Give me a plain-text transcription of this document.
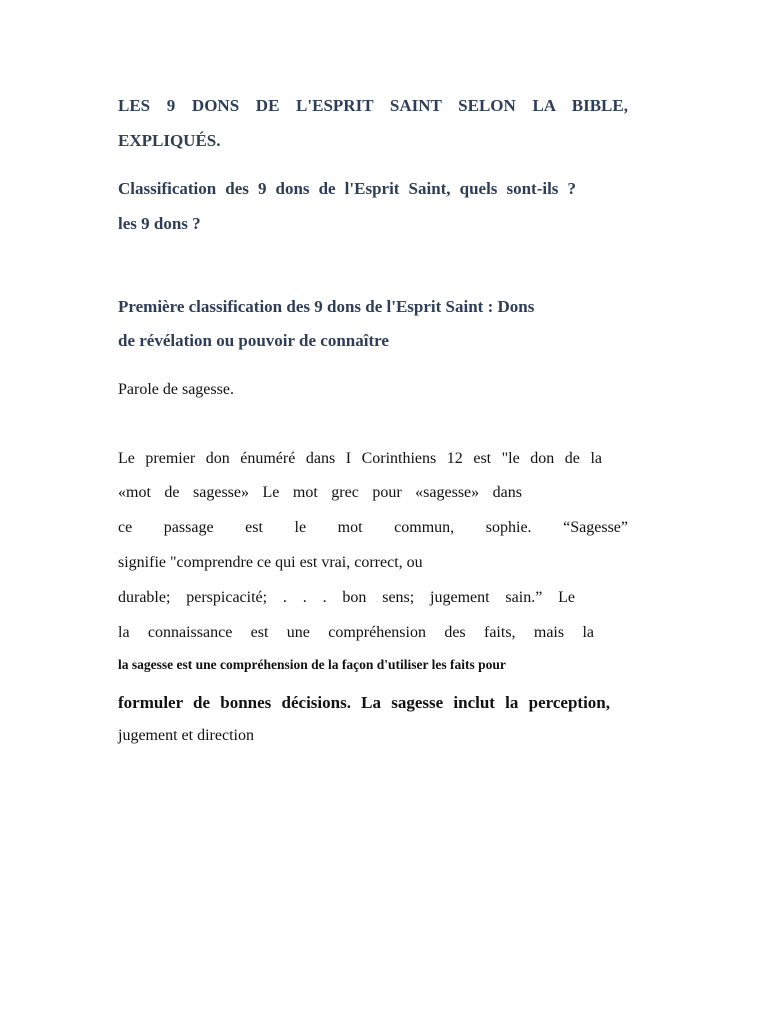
LES 9 DONS DE L'ESPRIT SAINT SELON LA BIBLE,
EXPLIQUÉS.
Classification des 9 dons de l'Esprit Saint, quels sont-ils ?
les 9 dons ?
Première classification des 9 dons de l'Esprit Saint : Dons
de révélation ou pouvoir de connaître
Parole de sagesse.
Le premier don énuméré dans I Corinthiens 12 est "le don de la
«mot de sagesse» Le mot grec pour «sagesse» dans
ce passage est le mot commun, sophie. “Sagesse”
signifie "comprendre ce qui est vrai, correct, ou
durable; perspicacité; . . . bon sens; jugement sain.” Le
la connaissance est une compréhension des faits, mais la
la sagesse est une compréhension de la façon d'utiliser les faits pour
formuler de bonnes décisions. La sagesse inclut la perception,
jugement et direction
